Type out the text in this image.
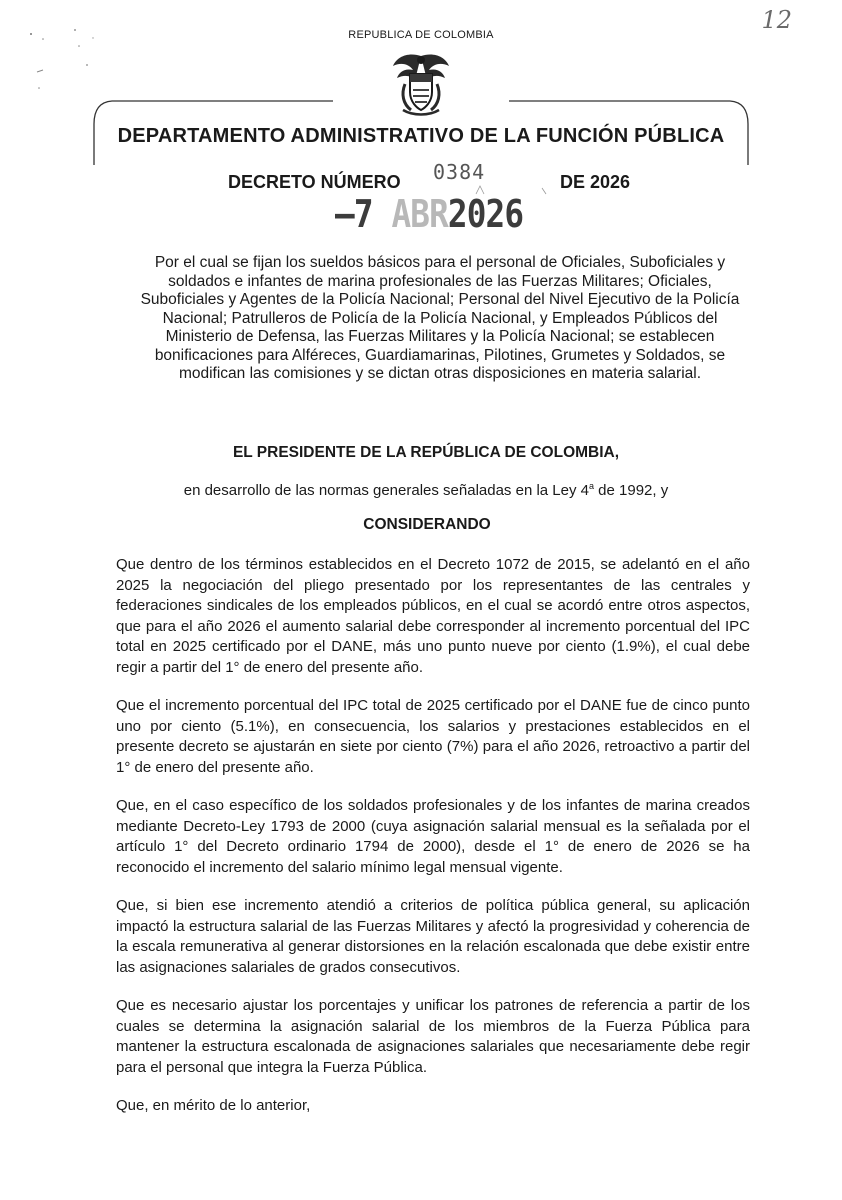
12
REPUBLICA DE COLOMBIA
DEPARTAMENTO ADMINISTRATIVO DE LA FUNCIÓN PÚBLICA
DECRETO NÚMERO 0384	DE 2026
—7 ABR2026
Por el cual se fijan los sueldos básicos para el personal de Oficiales, Suboficiales y soldados e infantes de marina profesionales de las Fuerzas Militares; Oficiales, Suboficiales y Agentes de la Policía Nacional; Personal del Nivel Ejecutivo de la Policía Nacional; Patrulleros de Policía de la Policía Nacional, y Empleados Públicos del Ministerio de Defensa, las Fuerzas Militares y la Policía Nacional; se establecen bonificaciones para Alféreces, Guardiamarinas, Pilotines, Grumetes y Soldados, se modifican las comisiones y se dictan otras disposiciones en materia salarial.
EL PRESIDENTE DE LA REPÚBLICA DE COLOMBIA,
en desarrollo de las normas generales señaladas en la Ley 4$^a$ de 1992, y
CONSIDERANDO

Que dentro de los términos establecidos en el Decreto 1072 de 2015, se adelantó en el año 2025 la negociación del pliego presentado por los representantes de las centrales y federaciones sindicales de los empleados públicos, en el cual se acordó entre otros aspectos, que para el año 2026 el aumento salarial debe corresponder al incremento porcentual del IPC total en 2025 certificado por el DANE, más uno punto nueve por ciento (1.9%), el cual debe regir a partir del 1° de enero del presente año.

Que el incremento porcentual del IPC total de 2025 certificado por el DANE fue de cinco punto uno por ciento (5.1%), en consecuencia, los salarios y prestaciones establecidos en el presente decreto se ajustarán en siete por ciento (7%) para el año 2026, retroactivo a partir del 1° de enero del presente año.

Que, en el caso específico de los soldados profesionales y de los infantes de marina creados mediante Decreto-Ley 1793 de 2000 (cuya asignación salarial mensual es la señalada por el artículo 1° del Decreto ordinario 1794 de 2000), desde el 1° de enero de 2026 se ha reconocido el incremento del salario mínimo legal mensual vigente.

Que, si bien ese incremento atendió a criterios de política pública general, su aplicación impactó la estructura salarial de las Fuerzas Militares y afectó la progresividad y coherencia de la escala remunerativa al generar distorsiones en la relación escalonada que debe existir entre las asignaciones salariales de grados consecutivos.

Que es necesario ajustar los porcentajes y unificar los patrones de referencia a partir de los cuales se determina la asignación salarial de los miembros de la Fuerza Pública para mantener la estructura escalonada de asignaciones salariales que necesariamente debe regir para el personal que integra la Fuerza Pública.

Que, en mérito de lo anterior,
